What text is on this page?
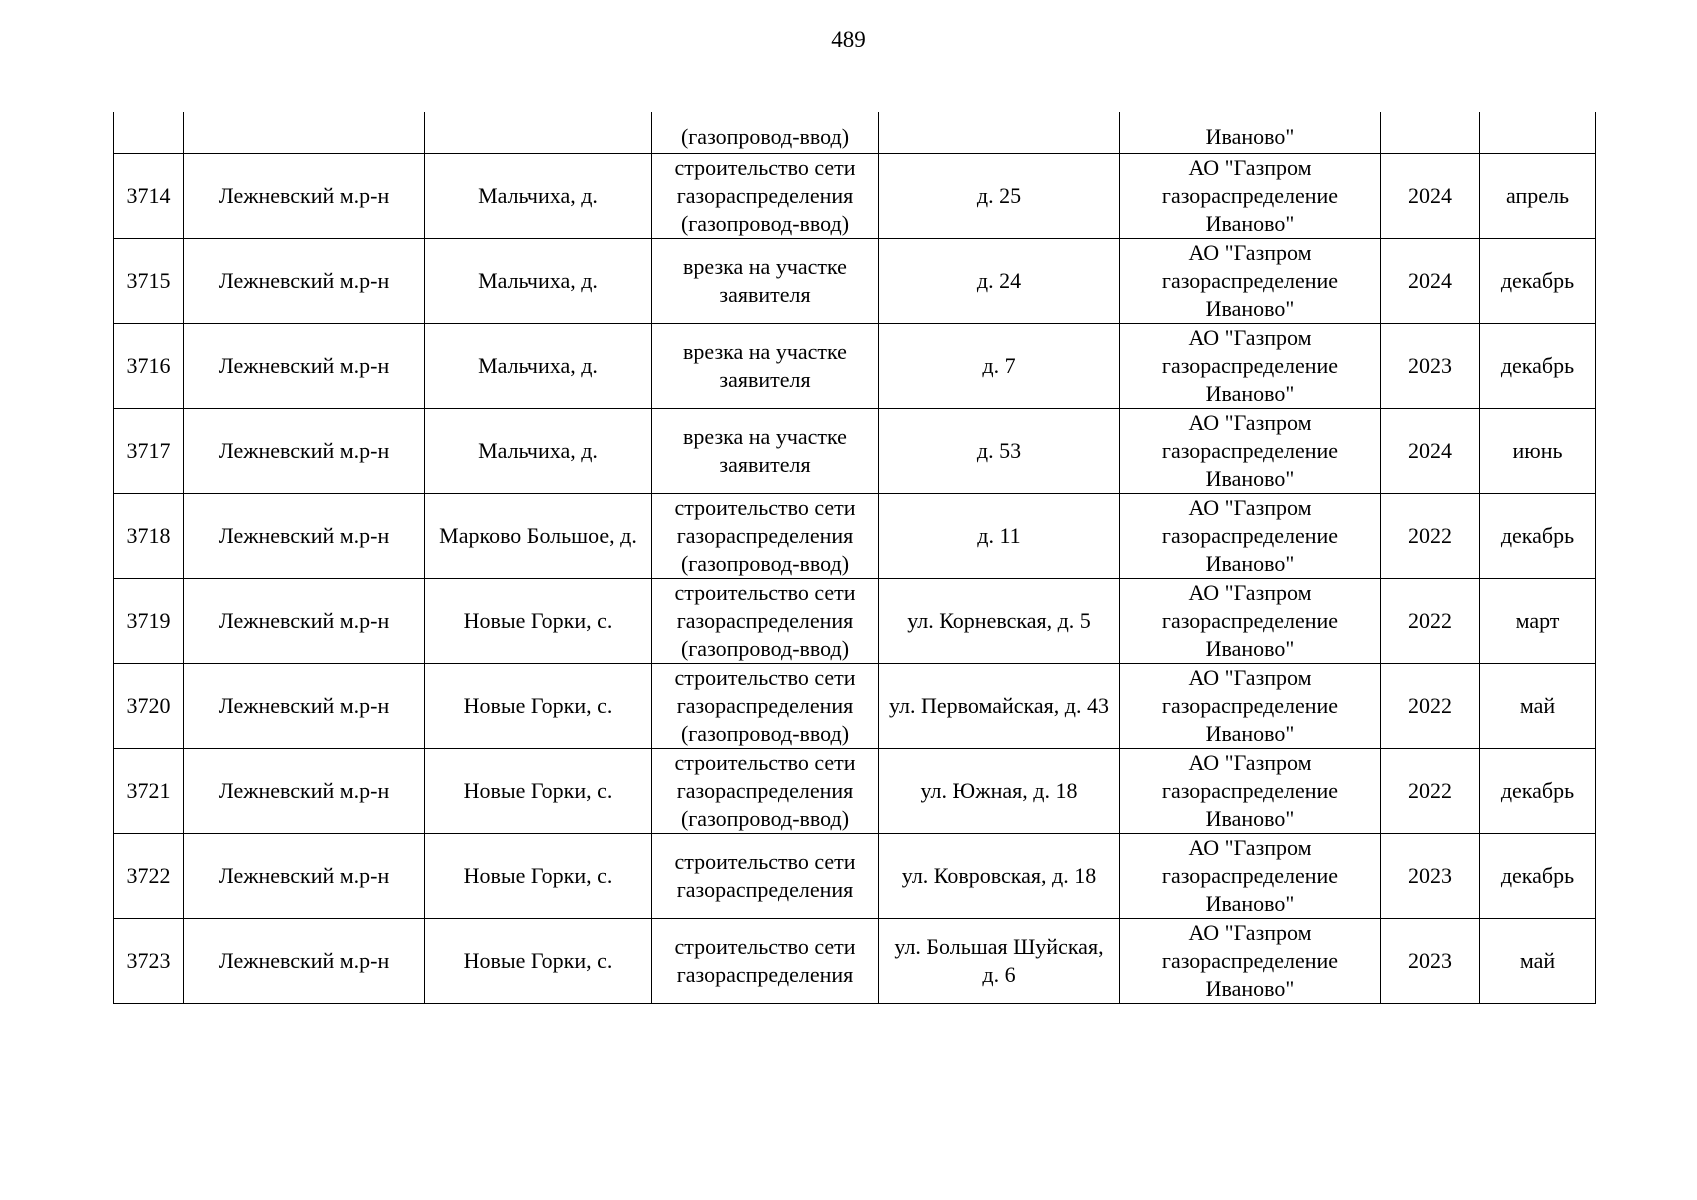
489
			(газопровод-ввод)		Иваново"		
3714	Лежневский м.р-н	Мальчиха, д.	строительство сети газораспределения (газопровод-ввод)	д. 25	АО "Газпром газораспределение Иваново"	2024	апрель
3715	Лежневский м.р-н	Мальчиха, д.	врезка на участке заявителя	д. 24	АО "Газпром газораспределение Иваново"	2024	декабрь
3716	Лежневский м.р-н	Мальчиха, д.	врезка на участке заявителя	д. 7	АО "Газпром газораспределение Иваново"	2023	декабрь
3717	Лежневский м.р-н	Мальчиха, д.	врезка на участке заявителя	д. 53	АО "Газпром газораспределение Иваново"	2024	июнь
3718	Лежневский м.р-н	Марково Большое, д.	строительство сети газораспределения (газопровод-ввод)	д. 11	АО "Газпром газораспределение Иваново"	2022	декабрь
3719	Лежневский м.р-н	Новые Горки, с.	строительство сети газораспределения (газопровод-ввод)	ул. Корневская, д. 5	АО "Газпром газораспределение Иваново"	2022	март
3720	Лежневский м.р-н	Новые Горки, с.	строительство сети газораспределения (газопровод-ввод)	ул. Первомайская, д. 43	АО "Газпром газораспределение Иваново"	2022	май
3721	Лежневский м.р-н	Новые Горки, с.	строительство сети газораспределения (газопровод-ввод)	ул. Южная, д. 18	АО "Газпром газораспределение Иваново"	2022	декабрь
3722	Лежневский м.р-н	Новые Горки, с.	строительство сети газораспределения	ул. Ковровская, д. 18	АО "Газпром газораспределение Иваново"	2023	декабрь
3723	Лежневский м.р-н	Новые Горки, с.	строительство сети газораспределения	ул. Большая Шуйская, д. 6	АО "Газпром газораспределение Иваново"	2023	май
